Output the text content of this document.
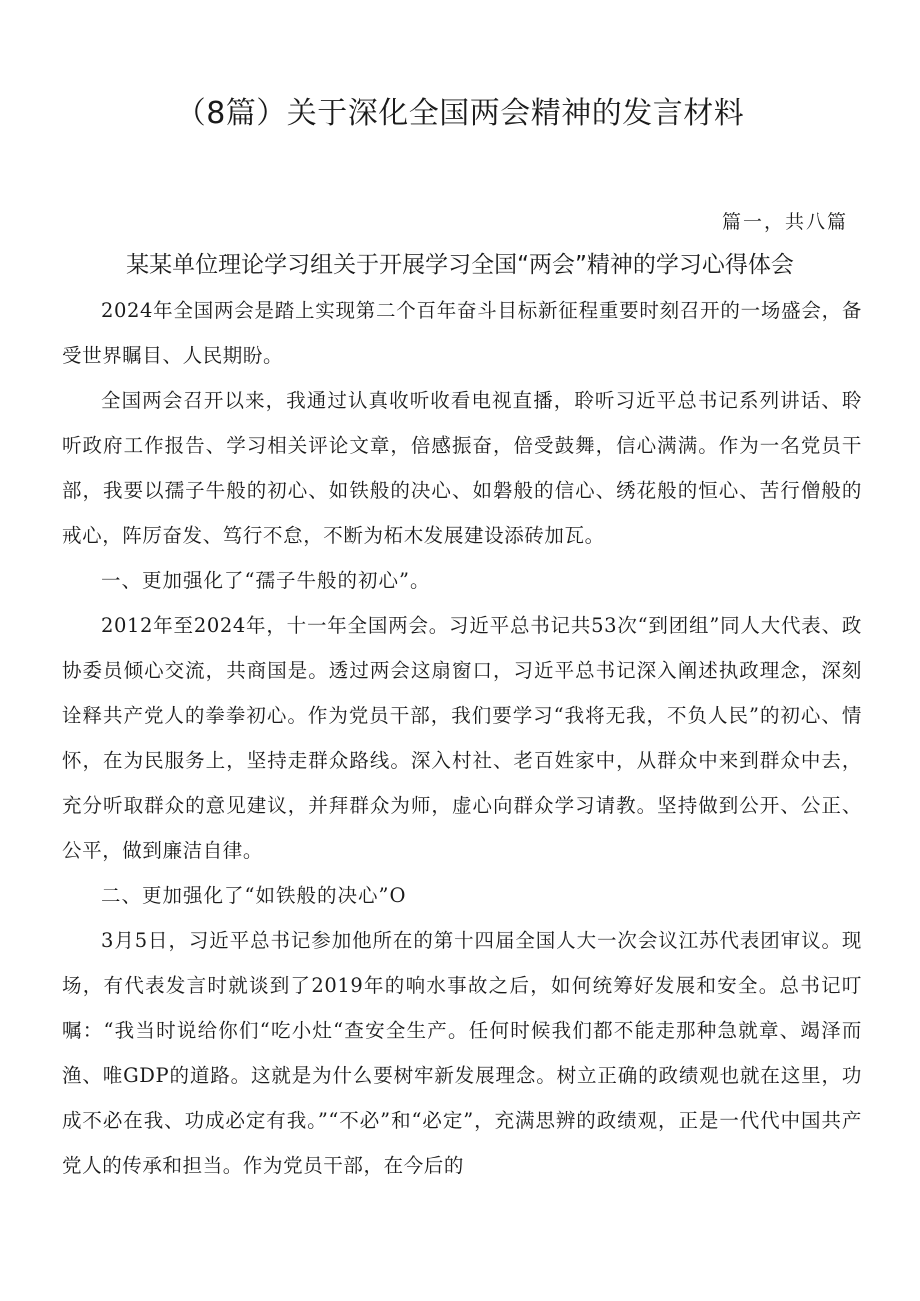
（8篇）关于深化全国两会精神的发言材料
篇一，共八篇
某某单位理论学习组关于开展学习全国“两会”精神的学习心得体会

2024年全国两会是踏上实现第二个百年奋斗目标新征程重要时刻召开的一场盛会，备受世界瞩目、人民期盼。

全国两会召开以来，我通过认真收听收看电视直播，聆听习近平总书记系列讲话、聆听政府工作报告、学习相关评论文章，倍感振奋，倍受鼓舞，信心满满。作为一名党员干部，我要以孺子牛般的初心、如铁般的决心、如磐般的信心、绣花般的恒心、苦行僧般的戒心，阵厉奋发、笃行不怠，不断为柘木发展建设添砖加瓦。

一、更加强化了“孺子牛般的初心”。

2012年至2024年，十一年全国两会。习近平总书记共53次“到团组”同人大代表、政协委员倾心交流，共商国是。透过两会这扇窗口，习近平总书记深入阐述执政理念，深刻诠释共产党人的拳拳初心。作为党员干部，我们要学习“我将无我，不负人民”的初心、情怀，在为民服务上，坚持走群众路线。深入村社、老百姓家中，从群众中来到群众中去，充分听取群众的意见建议，并拜群众为师，虚心向群众学习请教。坚持做到公开、公正、公平，做到廉洁自律。

二、更加强化了“如铁般的决心”O

3月5日，习近平总书记参加他所在的第十四届全国人大一次会议江苏代表团审议。现场，有代表发言时就谈到了2019年的响水事故之后，如何统筹好发展和安全。总书记叮嘱：“我当时说给你们“吃小灶“查安全生产。任何时候我们都不能走那种急就章、竭泽而渔、唯GDP的道路。这就是为什么要树牢新发展理念。树立正确的政绩观也就在这里，功成不必在我、功成必定有我。”“不必”和“必定”，充满思辨的政绩观，正是一代代中国共产党人的传承和担当。作为党员干部，在今后的
